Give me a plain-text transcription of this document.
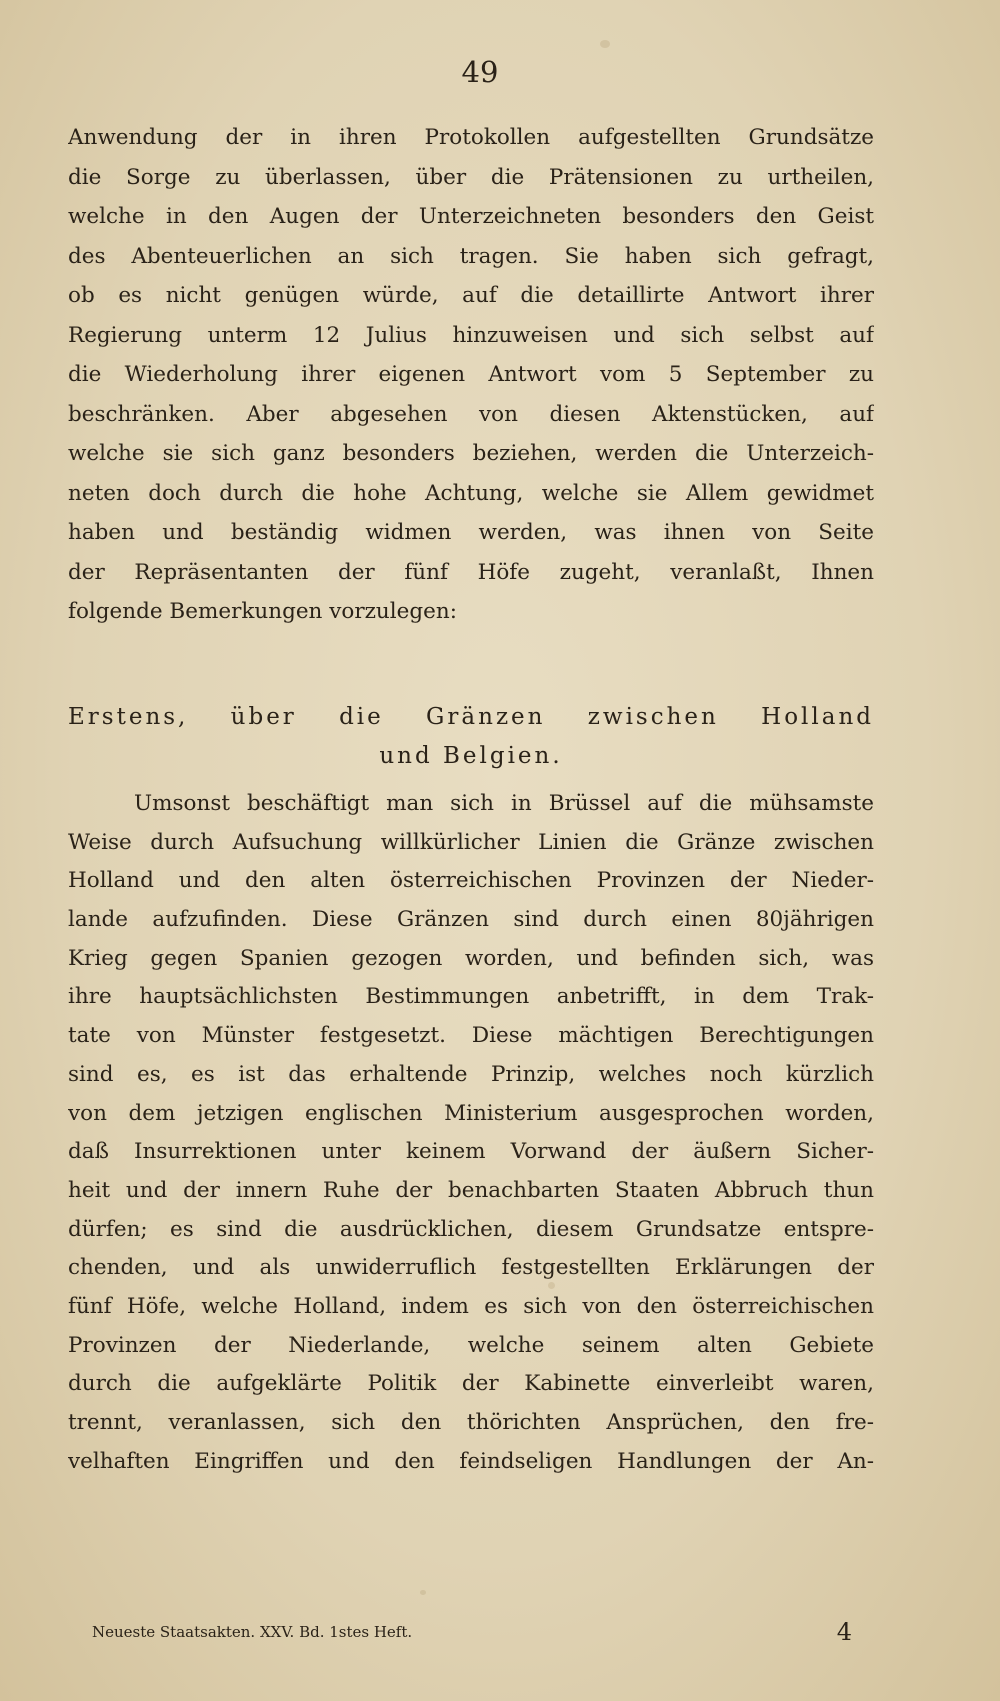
49
Anwendung der in ihren Protokollen aufgestellten Grundsätze
die Sorge zu überlassen, über die Prätensionen zu urtheilen,
welche in den Augen der Unterzeichneten besonders den Geist
des Abenteuerlichen an sich tragen. Sie haben sich gefragt,
ob es nicht genügen würde, auf die detaillirte Antwort ihrer
Regierung unterm 12 Julius hinzuweisen und sich selbst auf
die Wiederholung ihrer eigenen Antwort vom 5 September zu
beschränken. Aber abgesehen von diesen Aktenstücken, auf
welche sie sich ganz besonders beziehen, werden die Unterzeich-
neten doch durch die hohe Achtung, welche sie Allem gewidmet
haben und beständig widmen werden, was ihnen von Seite
der Repräsentanten der fünf Höfe zugeht, veranlaßt, Ihnen
folgende Bemerkungen vorzulegen:
Erstens, über die Gränzen zwischen Holland
und Belgien.
Umsonst beschäftigt man sich in Brüssel auf die mühsamste
Weise durch Aufsuchung willkürlicher Linien die Gränze zwischen
Holland und den alten österreichischen Provinzen der Nieder-
lande aufzufinden. Diese Gränzen sind durch einen 80jährigen
Krieg gegen Spanien gezogen worden, und befinden sich, was
ihre hauptsächlichsten Bestimmungen anbetrifft, in dem Trak-
tate von Münster festgesetzt. Diese mächtigen Berechtigungen
sind es, es ist das erhaltende Prinzip, welches noch kürzlich
von dem jetzigen englischen Ministerium ausgesprochen worden,
daß Insurrektionen unter keinem Vorwand der äußern Sicher-
heit und der innern Ruhe der benachbarten Staaten Abbruch thun
dürfen; es sind die ausdrücklichen, diesem Grundsatze entspre-
chenden, und als unwiderruflich festgestellten Erklärungen der
fünf Höfe, welche Holland, indem es sich von den österreichischen
Provinzen der Niederlande, welche seinem alten Gebiete
durch die aufgeklärte Politik der Kabinette einverleibt waren,
trennt, veranlassen, sich den thörichten Ansprüchen, den fre-
velhaften Eingriffen und den feindseligen Handlungen der An-
Neueste Staatsakten. XXV. Bd. 1stes Heft.	4
